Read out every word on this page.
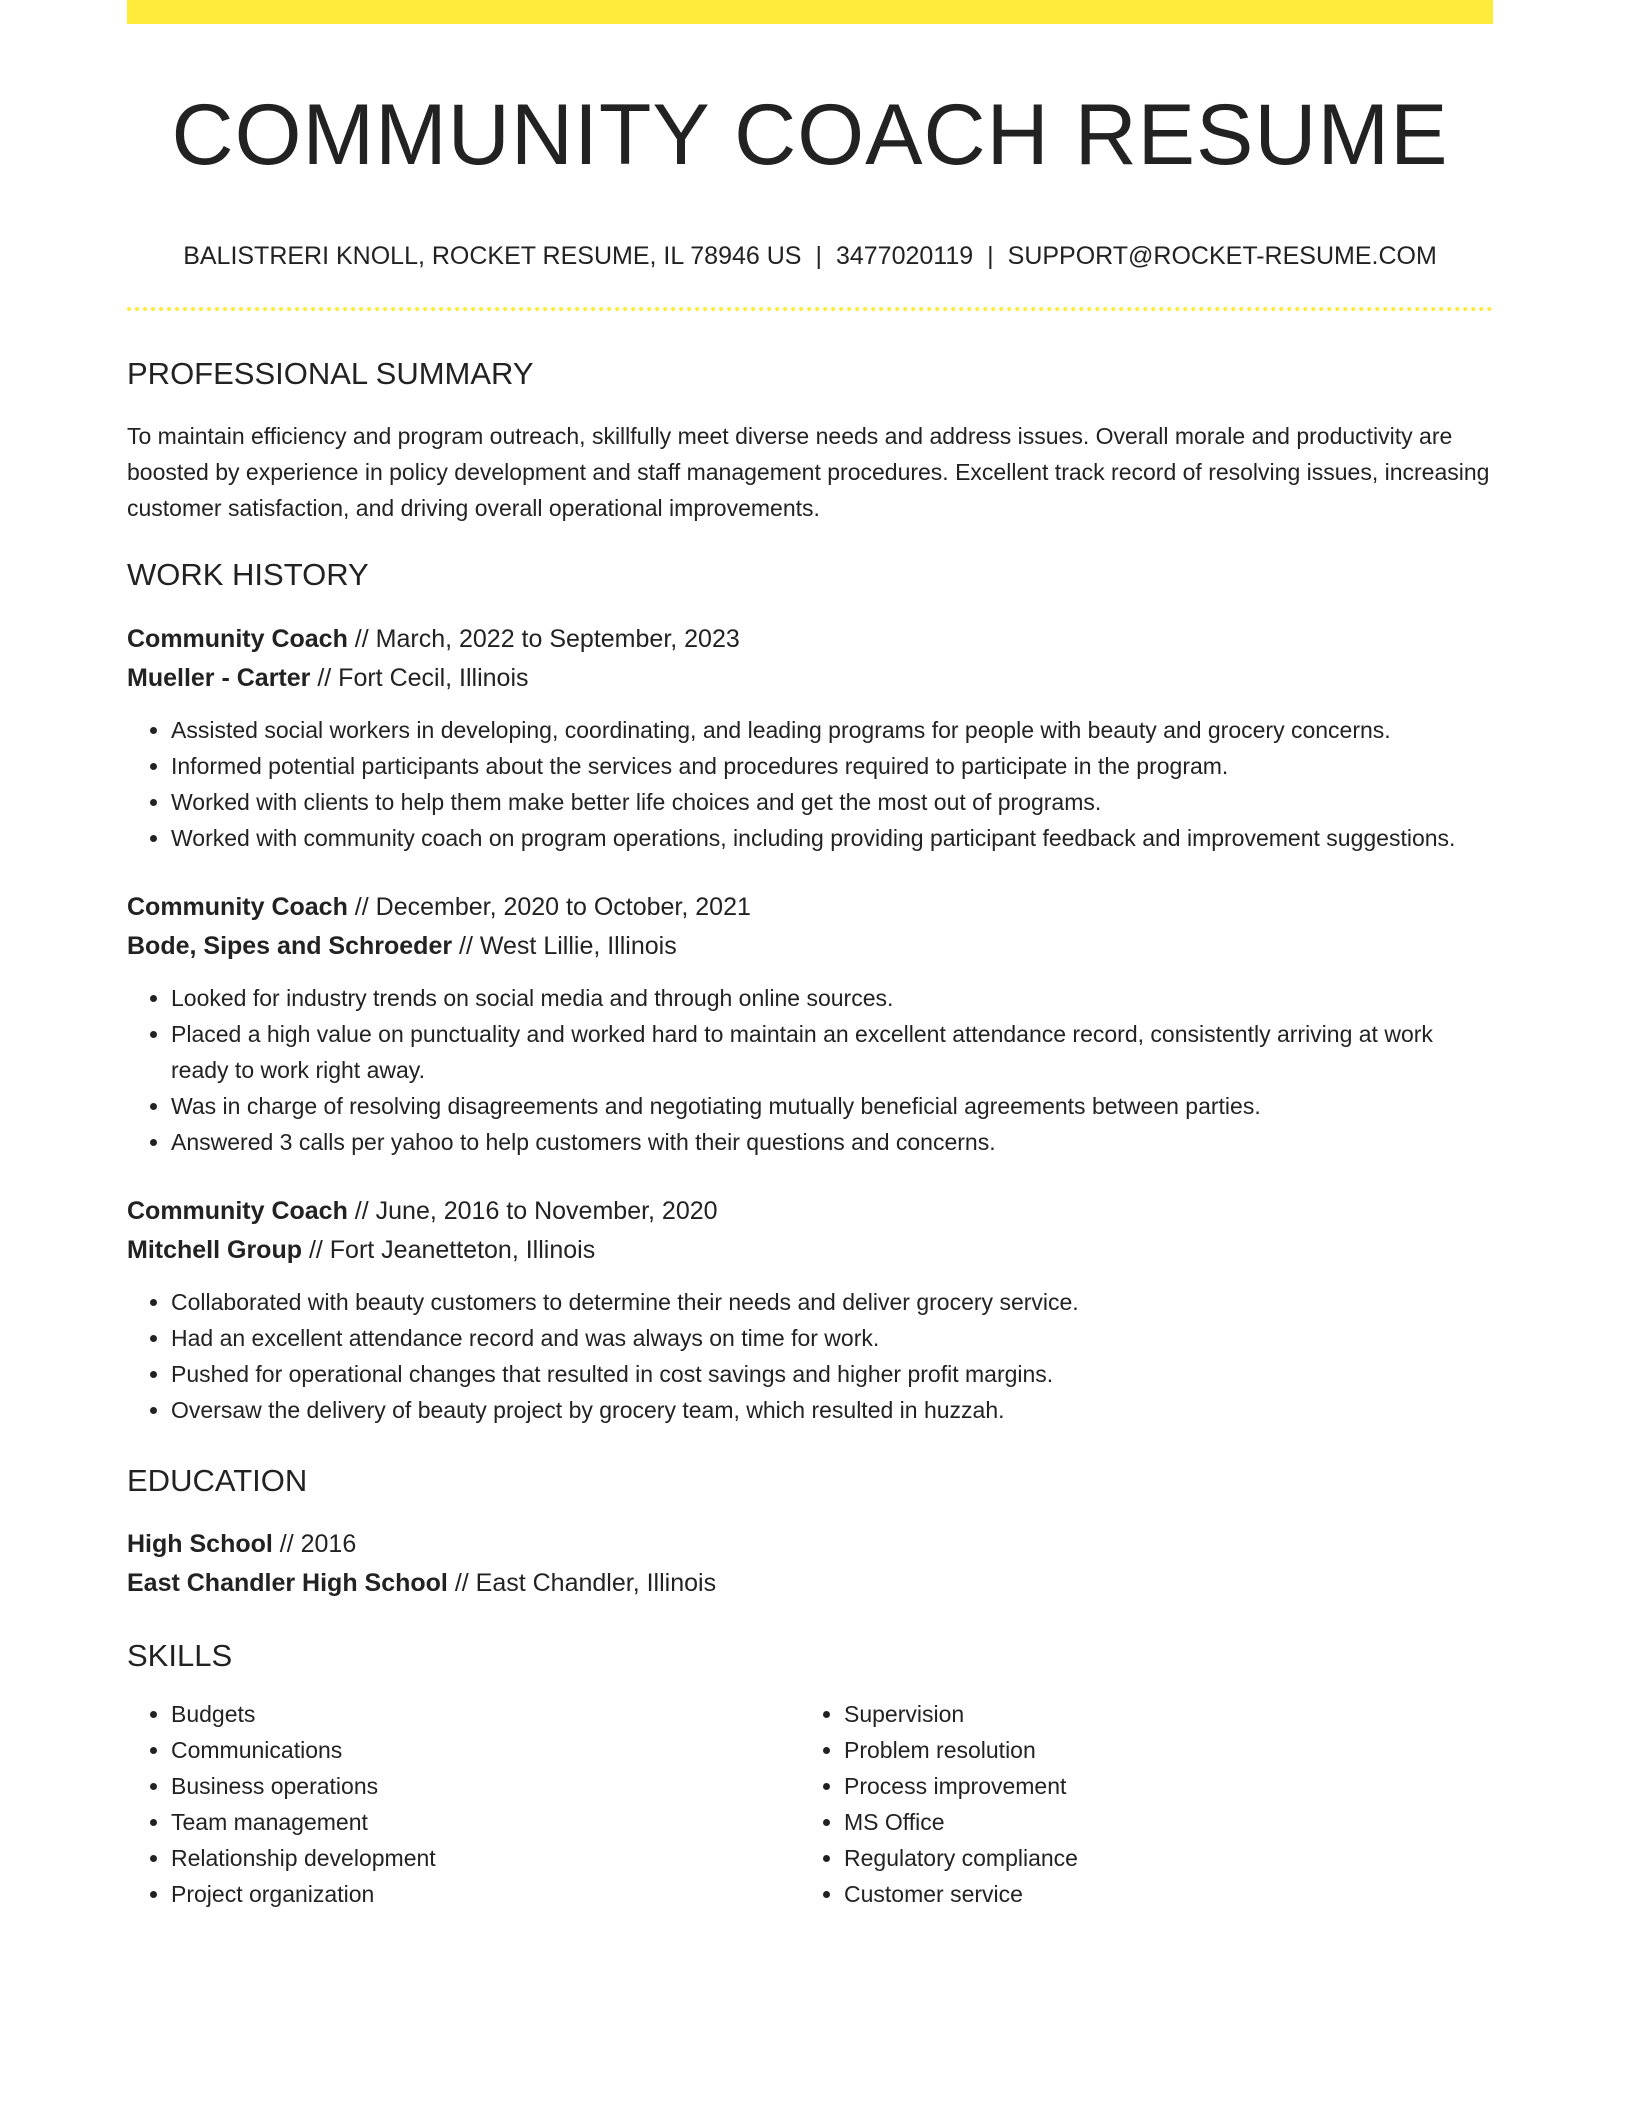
COMMUNITY COACH RESUME
BALISTRERI KNOLL, ROCKET RESUME, IL 78946 US | 3477020119 | SUPPORT@ROCKET-RESUME.COM
PROFESSIONAL SUMMARY

To maintain efficiency and program outreach, skillfully meet diverse needs and address issues. Overall morale and productivity are boosted by experience in policy development and staff management procedures. Excellent track record of resolving issues, increasing customer satisfaction, and driving overall operational improvements.

WORK HISTORY
Community Coach // March, 2022 to September, 2023
Mueller - Carter // Fort Cecil, Illinois
• Assisted social workers in developing, coordinating, and leading programs for people with beauty and grocery concerns.
• Informed potential participants about the services and procedures required to participate in the program.
• Worked with clients to help them make better life choices and get the most out of programs.
• Worked with community coach on program operations, including providing participant feedback and improvement suggestions.
Community Coach // December, 2020 to October, 2021
Bode, Sipes and Schroeder // West Lillie, Illinois
• Looked for industry trends on social media and through online sources.
• Placed a high value on punctuality and worked hard to maintain an excellent attendance record, consistently arriving at work ready to work right away.
• Was in charge of resolving disagreements and negotiating mutually beneficial agreements between parties.
• Answered 3 calls per yahoo to help customers with their questions and concerns.
Community Coach // June, 2016 to November, 2020
Mitchell Group // Fort Jeanetteton, Illinois
• Collaborated with beauty customers to determine their needs and deliver grocery service.
• Had an excellent attendance record and was always on time for work.
• Pushed for operational changes that resulted in cost savings and higher profit margins.
• Oversaw the delivery of beauty project by grocery team, which resulted in huzzah.
EDUCATION
High School // 2016
East Chandler High School // East Chandler, Illinois
SKILLS
• Budgets
• Communications
• Business operations
• Team management
• Relationship development
• Project organization
• Supervision
• Problem resolution
• Process improvement
• MS Office
• Regulatory compliance
• Customer service
